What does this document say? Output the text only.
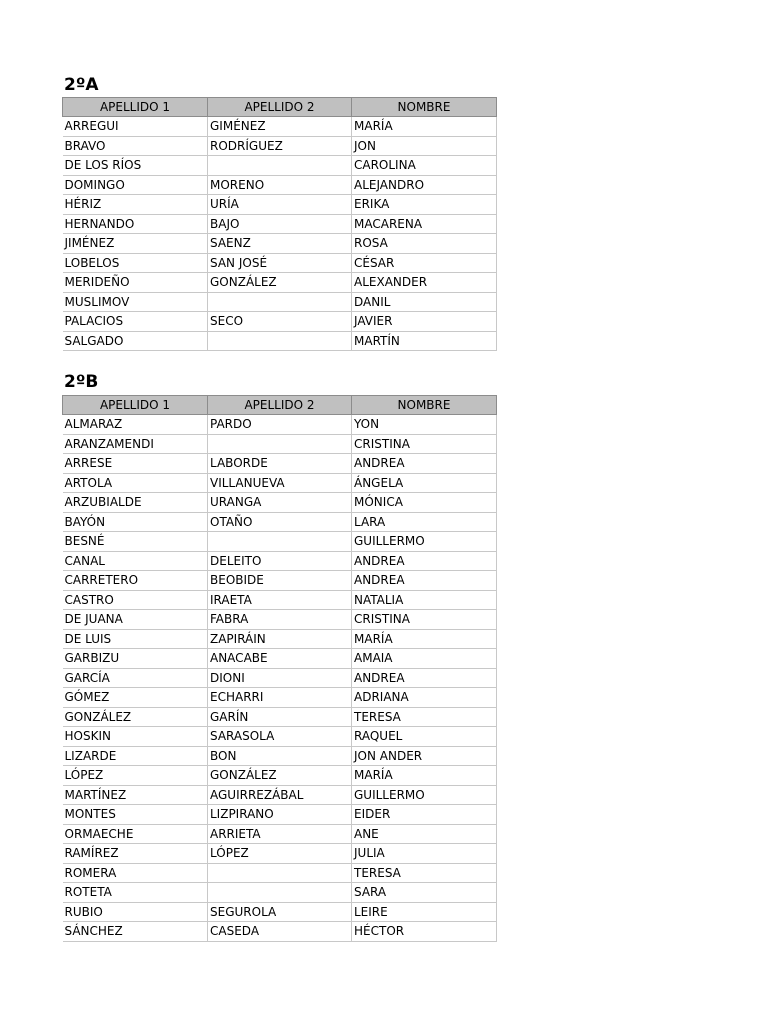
2ºA
APELLIDO 1	APELLIDO 2	NOMBRE
ARREGUI	GIMÉNEZ	MARÍA
BRAVO	RODRÍGUEZ	JON
DE LOS RÍOS		CAROLINA
DOMINGO	MORENO	ALEJANDRO
HÉRIZ	URÍA	ERIKA
HERNANDO	BAJO	MACARENA
JIMÉNEZ	SAENZ	ROSA
LOBELOS	SAN JOSÉ	CÉSAR
MERIDEÑO	GONZÁLEZ	ALEXANDER
MUSLIMOV		DANIL
PALACIOS	SECO	JAVIER
SALGADO		MARTÍN
2ºB
APELLIDO 1	APELLIDO 2	NOMBRE
ALMARAZ	PARDO	YON
ARANZAMENDI		CRISTINA
ARRESE	LABORDE	ANDREA
ARTOLA	VILLANUEVA	ÁNGELA
ARZUBIALDE	URANGA	MÓNICA
BAYÓN	OTAÑO	LARA
BESNÉ		GUILLERMO
CANAL	DELEITO	ANDREA
CARRETERO	BEOBIDE	ANDREA
CASTRO	IRAETA	NATALIA
DE JUANA	FABRA	CRISTINA
DE LUIS	ZAPIRÁIN	MARÍA
GARBIZU	ANACABE	AMAIA
GARCÍA	DIONI	ANDREA
GÓMEZ	ECHARRI	ADRIANA
GONZÁLEZ	GARÍN	TERESA
HOSKIN	SARASOLA	RAQUEL
LIZARDE	BON	JON ANDER
LÓPEZ	GONZÁLEZ	MARÍA
MARTÍNEZ	AGUIRREZÁBAL	GUILLERMO
MONTES	LIZPIRANO	EIDER
ORMAECHE	ARRIETA	ANE
RAMÍREZ	LÓPEZ	JULIA
ROMERA		TERESA
ROTETA		SARA
RUBIO	SEGUROLA	LEIRE
SÁNCHEZ	CASEDA	HÉCTOR
